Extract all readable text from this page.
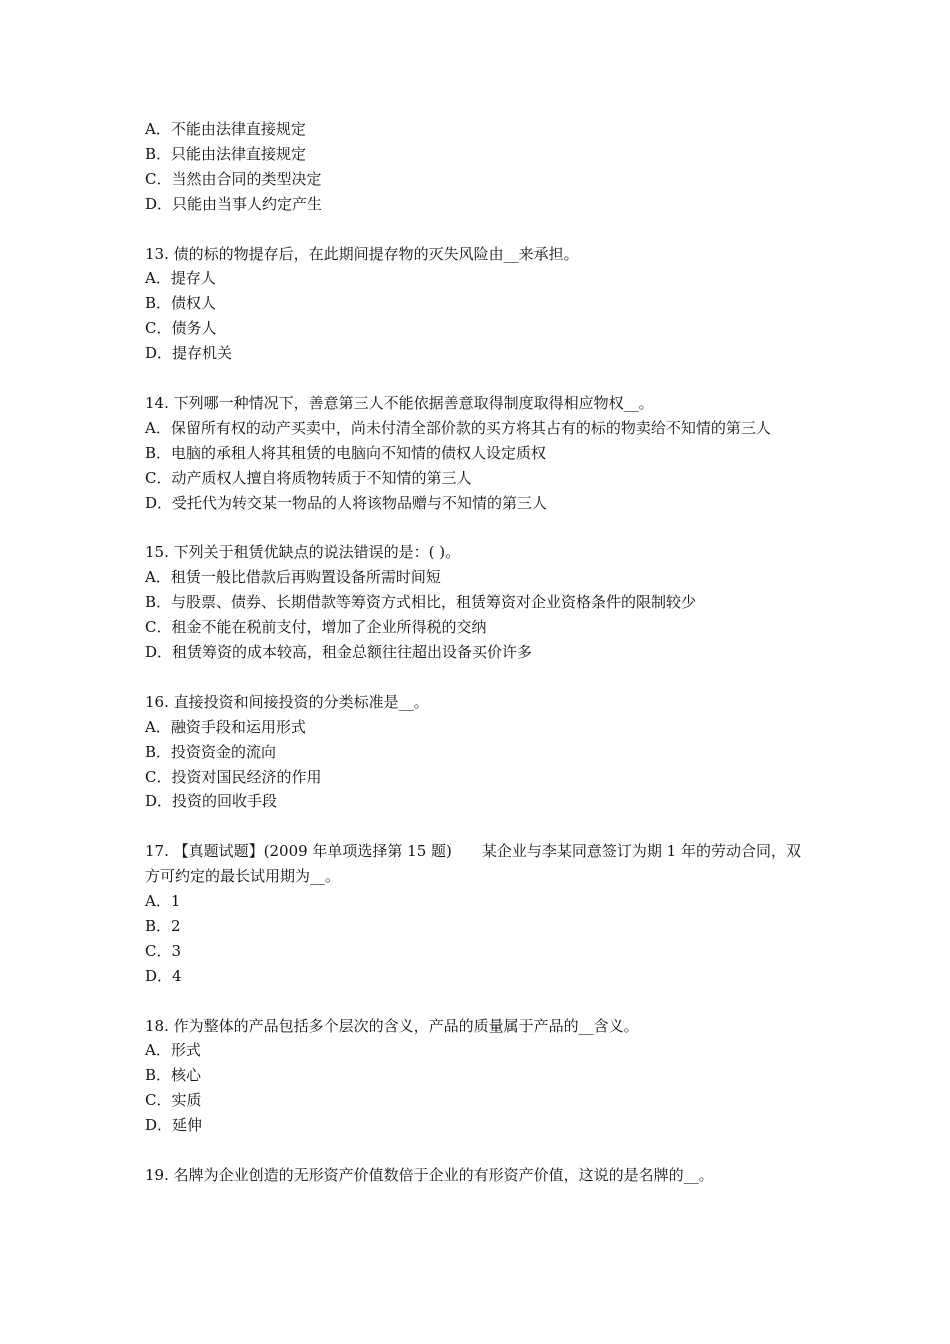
A．不能由法律直接规定
B．只能由法律直接规定
C．当然由合同的类型决定
D．只能由当事人约定产生
13. 债的标的物提存后，在此期间提存物的灭失风险由__来承担。
A．提存人
B．债权人
C．债务人
D．提存机关
14. 下列哪一种情况下，善意第三人不能依据善意取得制度取得相应物权__。
A．保留所有权的动产买卖中，尚未付清全部价款的买方将其占有的标的物卖给不知情的第三人
B．电脑的承租人将其租赁的电脑向不知情的债权人设定质权
C．动产质权人擅自将质物转质于不知情的第三人
D．受托代为转交某一物品的人将该物品赠与不知情的第三人
15. 下列关于租赁优缺点的说法错误的是：( )。
A．租赁一般比借款后再购置设备所需时间短
B．与股票、债券、长期借款等筹资方式相比，租赁筹资对企业资格条件的限制较少
C．租金不能在税前支付，增加了企业所得税的交纳
D．租赁筹资的成本较高，租金总额往往超出设备买价许多
16. 直接投资和间接投资的分类标准是__。
A．融资手段和运用形式
B．投资资金的流向
C．投资对国民经济的作用
D．投资的回收手段
17. 【真题试题】(2009 年单项选择第 15 题)　　某企业与李某同意签订为期 1 年的劳动合同，双方可约定的最长试用期为__。
A．1
B．2
C．3
D．4
18. 作为整体的产品包括多个层次的含义，产品的质量属于产品的__含义。
A．形式
B．核心
C．实质
D．延伸
19. 名牌为企业创造的无形资产价值数倍于企业的有形资产价值，这说的是名牌的__。
